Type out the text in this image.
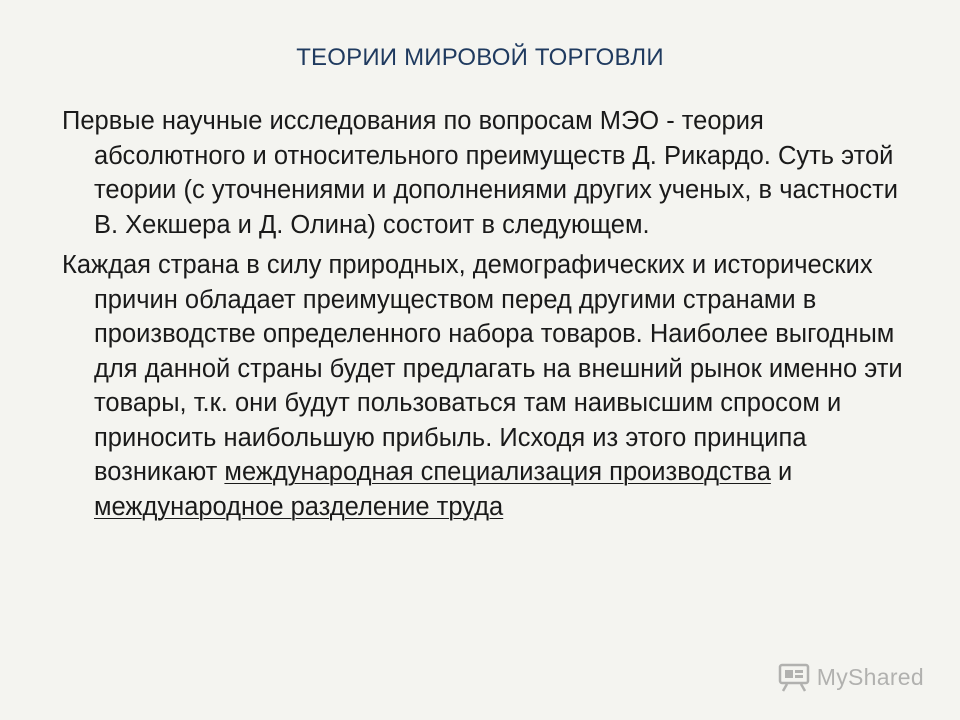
ТЕОРИИ МИРОВОЙ ТОРГОВЛИ

Первые научные исследования по вопросам МЭО - теория абсолютного и относительного преимуществ Д. Рикардо. Суть этой теории (с уточнениями и дополнениями других ученых, в частности В. Хекшера и Д. Олина) состоит в следующем.

Каждая страна в силу природных, демографических и исторических причин обладает преимуществом перед другими странами в производстве определенного набора товаров. Наиболее выгодным для данной страны будет предлагать на внешний рынок именно эти товары, т.к. они будут пользоваться там наивысшим спросом и приносить наибольшую прибыль. Исходя из этого принципа возникают международная специализация производства и международное разделение труда

MyShared
